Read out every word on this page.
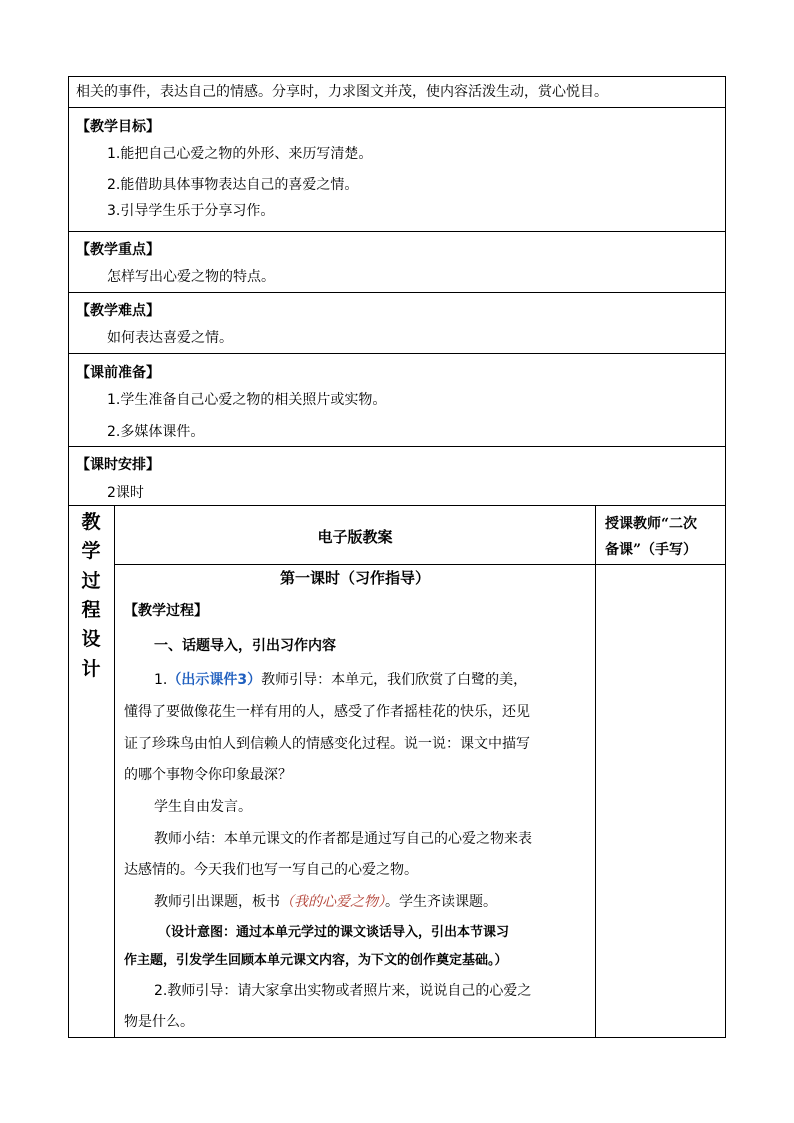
相关的事件，表达自己的情感。分享时，力求图文并茂，使内容活泼生动，赏心悦目。
【教学目标】
1.能把自己心爱之物的外形、来历写清楚。
2.能借助具体事物表达自己的喜爱之情。
3.引导学生乐于分享习作。
【教学重点】
怎样写出心爱之物的特点。
【教学难点】
如何表达喜爱之情。
【课前准备】
1.学生准备自己心爱之物的相关照片或实物。
2.多媒体课件。
【课时安排】
2课时
教
学
过
程
设
计
电子版教案
授课教师“二次
备课”（手写）
第一课时（习作指导）
【教学过程】
一、话题导入，引出习作内容
1.（出示课件3）教师引导：本单元，我们欣赏了白鹭的美，
懂得了要做像花生一样有用的人，感受了作者摇桂花的快乐，还见
证了珍珠鸟由怕人到信赖人的情感变化过程。说一说：课文中描写
的哪个事物令你印象最深？
学生自由发言。
教师小结：本单元课文的作者都是通过写自己的心爱之物来表
达感情的。今天我们也写一写自己的心爱之物。
教师引出课题，板书（我的心爱之物）。学生齐读课题。
（设计意图：通过本单元学过的课文谈话导入，引出本节课习
作主题，引发学生回顾本单元课文内容，为下文的创作奠定基础。）
2.教师引导：请大家拿出实物或者照片来，说说自己的心爱之
物是什么。
